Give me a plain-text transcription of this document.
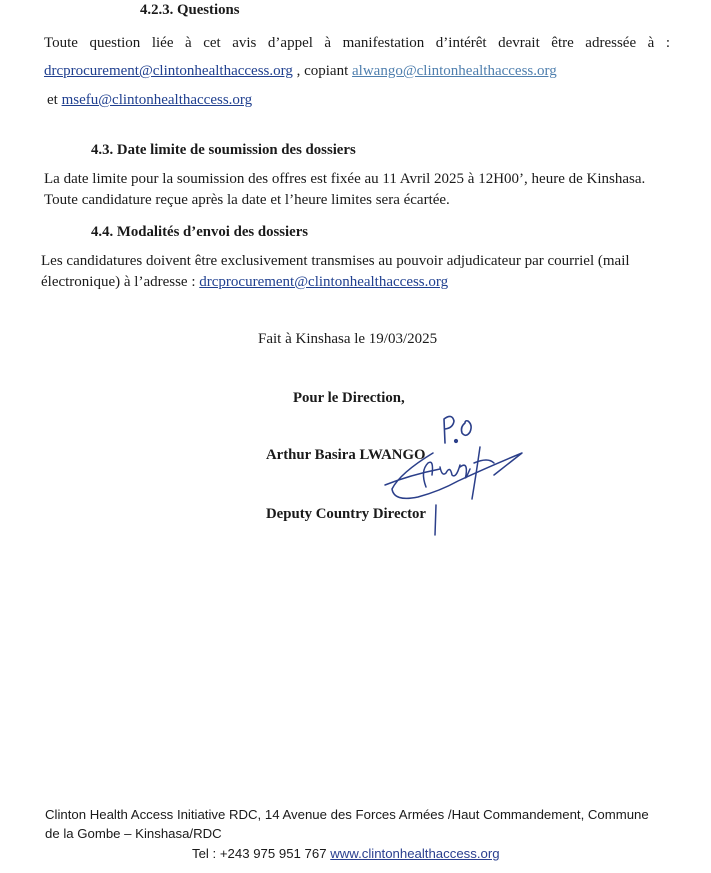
4.2.3. Questions
Toute question liée à cet avis d’appel à manifestation d’intérêt devrait être adressée à :
drcprocurement@clintonhealthaccess.org , copiant alwango@clintonhealthaccess.org
et msefu@clintonhealthaccess.org
4.3. Date limite de soumission des dossiers
La date limite pour la soumission des offres est fixée au 11 Avril 2025 à 12H00’, heure de Kinshasa.
Toute candidature reçue après la date et l’heure limites sera écartée.
4.4. Modalités d’envoi des dossiers
Les candidatures doivent être exclusivement transmises au pouvoir adjudicateur par courriel (mail
électronique) à l’adresse : drcprocurement@clintonhealthaccess.org
Fait à Kinshasa le 19/03/2025
Pour le Direction,
Arthur Basira LWANGO
Deputy Country Director
Clinton Health Access Initiative RDC, 14 Avenue des Forces Armées /Haut Commandement, Commune
de la Gombe – Kinshasa/RDC
Tel : +243 975 951 767 www.clintonhealthaccess.org
